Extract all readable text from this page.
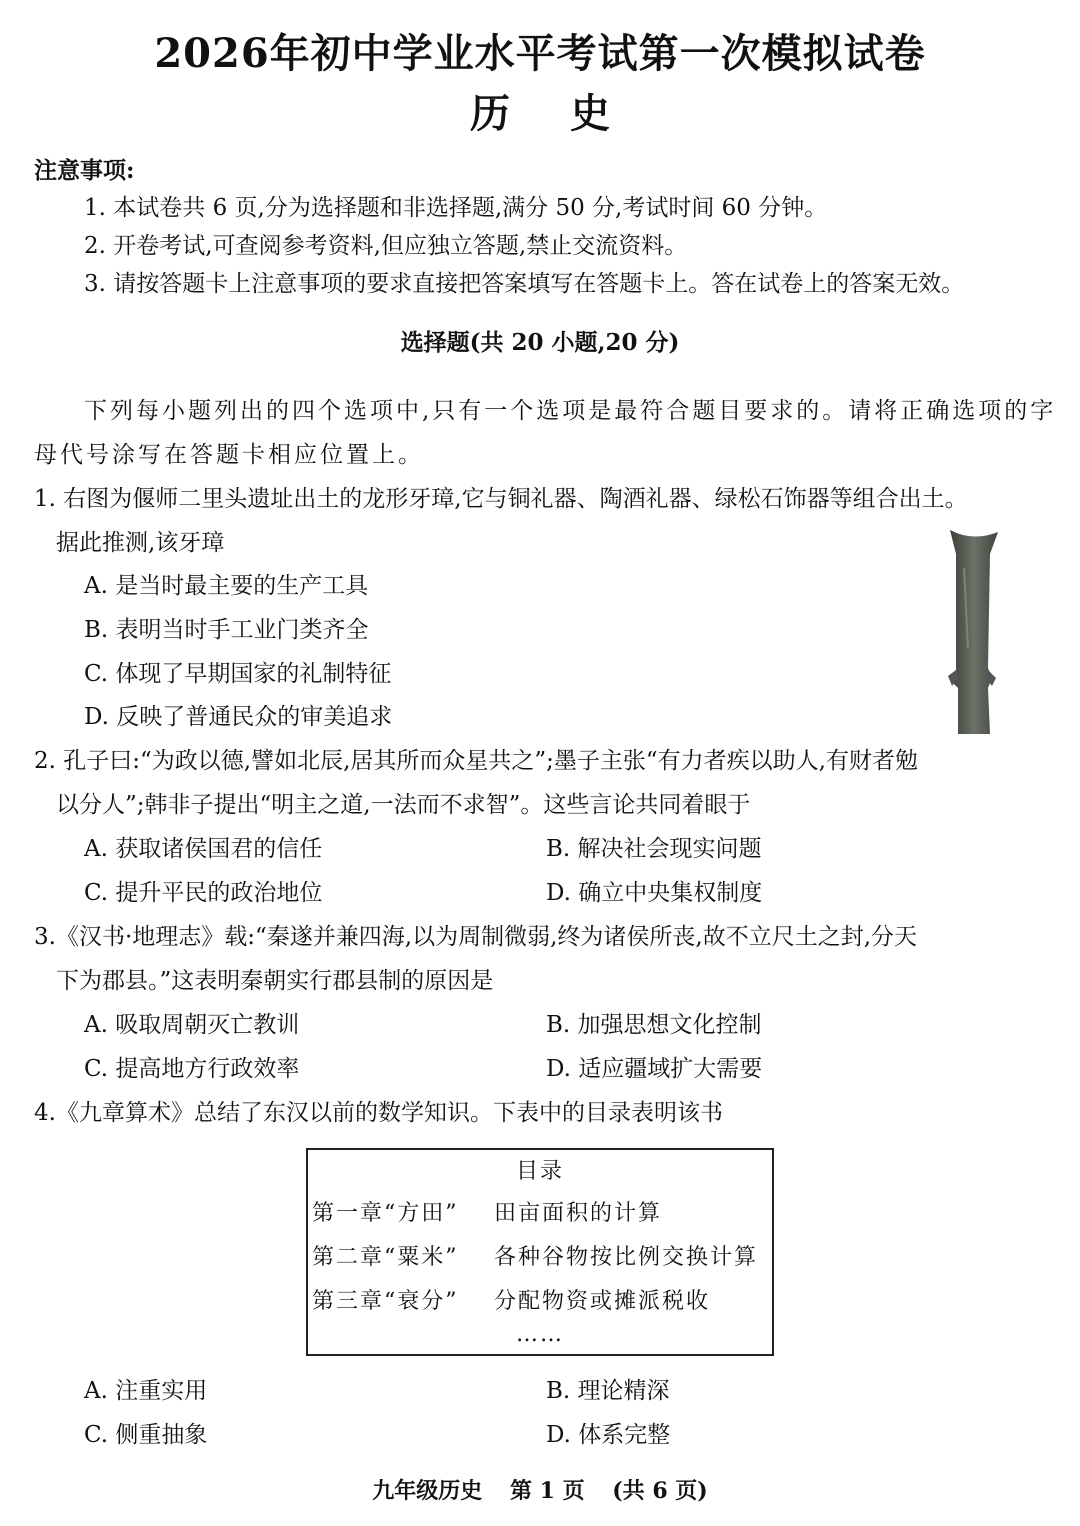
2026年初中学业水平考试第一次模拟试卷
历史
注意事项:
1. 本试卷共 6 页,分为选择题和非选择题,满分 50 分,考试时间 60 分钟。
2. 开卷考试,可查阅参考资料,但应独立答题,禁止交流资料。
3. 请按答题卡上注意事项的要求直接把答案填写在答题卡上。答在试卷上的答案无效。
选择题(共 20 小题,20 分)
下列每小题列出的四个选项中,只有一个选项是最符合题目要求的。请将正确选项的字
母代号涂写在答题卡相应位置上。
1. 右图为偃师二里头遗址出土的龙形牙璋,它与铜礼器、陶酒礼器、绿松石饰器等组合出土。
据此推测,该牙璋
A. 是当时最主要的生产工具
B. 表明当时手工业门类齐全
C. 体现了早期国家的礼制特征
D. 反映了普通民众的审美追求
2. 孔子曰:“为政以德,譬如北辰,居其所而众星共之”;墨子主张“有力者疾以助人,有财者勉
以分人”;韩非子提出“明主之道,一法而不求智”。这些言论共同着眼于
A. 获取诸侯国君的信任	B. 解决社会现实问题
C. 提升平民的政治地位	D. 确立中央集权制度
3.《汉书·地理志》载:“秦遂并兼四海,以为周制微弱,终为诸侯所丧,故不立尺土之封,分天
下为郡县。”这表明秦朝实行郡县制的原因是
A. 吸取周朝灭亡教训	B. 加强思想文化控制
C. 提高地方行政效率	D. 适应疆域扩大需要
4.《九章算术》总结了东汉以前的数学知识。下表中的目录表明该书
目录
第一章“方田” 田亩面积的计算
第二章“粟米” 各种谷物按比例交换计算
第三章“衰分” 分配物资或摊派税收
……
A. 注重实用	B. 理论精深
C. 侧重抽象	D. 体系完整
九年级历史 第 1 页 (共 6 页)
